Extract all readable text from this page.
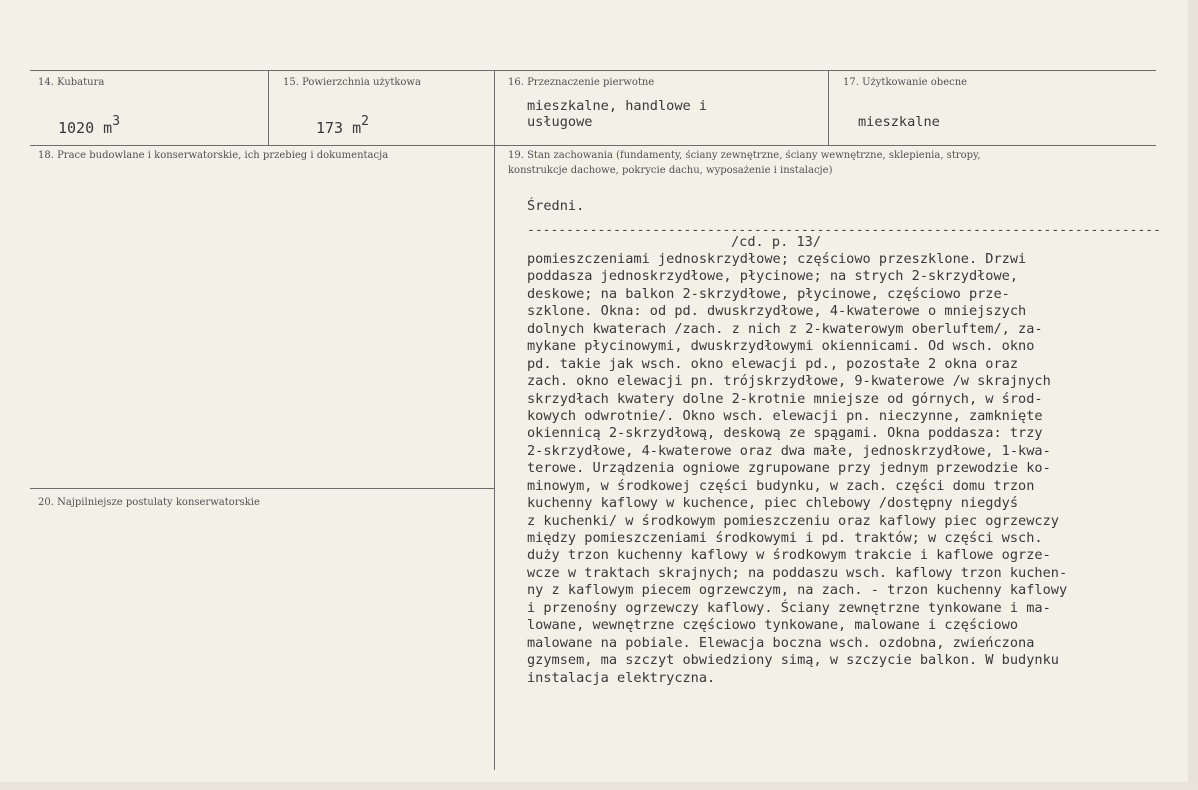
14. Kubatura
1020 $m^3$
15. Powierzchnia użytkowa
173 $m^2$
16. Przeznaczenie pierwotne
mieszkalne, handlowe i
usługowe
17. Użytkowanie obecne
mieszkalne
18. Prace budowlane i konserwatorskie, ich przebieg i dokumentacja	19. Stan zachowania (fundamenty, ściany zewnętrzne, ściany wewnętrzne, sklepienia, stropy,
konstrukcje dachowe, pokrycie dachu, wyposażenie i instalacje)
Średni.
---------------------------------------------------------------------------------
/cd. p. 13/
pomieszczeniami jednoskrzydłowe; częściowo przeszklone. Drzwi
poddasza jednoskrzydłowe, płycinowe; na strych 2-skrzydłowe,
deskowe; na balkon 2-skrzydłowe, płycinowe, częściowo prze-
szklone. Okna: od pd. dwuskrzydłowe, 4-kwaterowe o mniejszych
dolnych kwaterach /zach. z nich z 2-kwaterowym oberluftem/, za-
mykane płycinowymi, dwuskrzydłowymi okiennicami. Od wsch. okno
pd. takie jak wsch. okno elewacji pd., pozostałe 2 okna oraz
zach. okno elewacji pn. trójskrzydłowe, 9-kwaterowe /w skrajnych
skrzydłach kwatery dolne 2-krotnie mniejsze od górnych, w środ-
kowych odwrotnie/. Okno wsch. elewacji pn. nieczynne, zamknięte
okiennicą 2-skrzydłową, deskową ze spągami. Okna poddasza: trzy
2-skrzydłowe, 4-kwaterowe oraz dwa małe, jednoskrzydłowe, 1-kwa-
terowe. Urządzenia ogniowe zgrupowane przy jednym przewodzie ko-
minowym, w środkowej części budynku, w zach. części domu trzon
kuchenny kaflowy w kuchence, piec chlebowy /dostępny niegdyś
z kuchenki/ w środkowym pomieszczeniu oraz kaflowy piec ogrzewczy
między pomieszczeniami środkowymi i pd. traktów; w części wsch.
duży trzon kuchenny kaflowy w środkowym trakcie i kaflowe ogrze-
wcze w traktach skrajnych; na poddaszu wsch. kaflowy trzon kuchen-
ny z kaflowym piecem ogrzewczym, na zach. - trzon kuchenny kaflowy
i przenośny ogrzewczy kaflowy. Ściany zewnętrzne tynkowane i ma-
lowane, wewnętrzne częściowo tynkowane, malowane i częściowo
malowane na pobiale. Elewacja boczna wsch. ozdobna, zwieńczona
gzymsem, ma szczyt obwiedziony simą, w szczycie balkon. W budynku
instalacja elektryczna.
20. Najpilniejsze postulaty konserwatorskie
